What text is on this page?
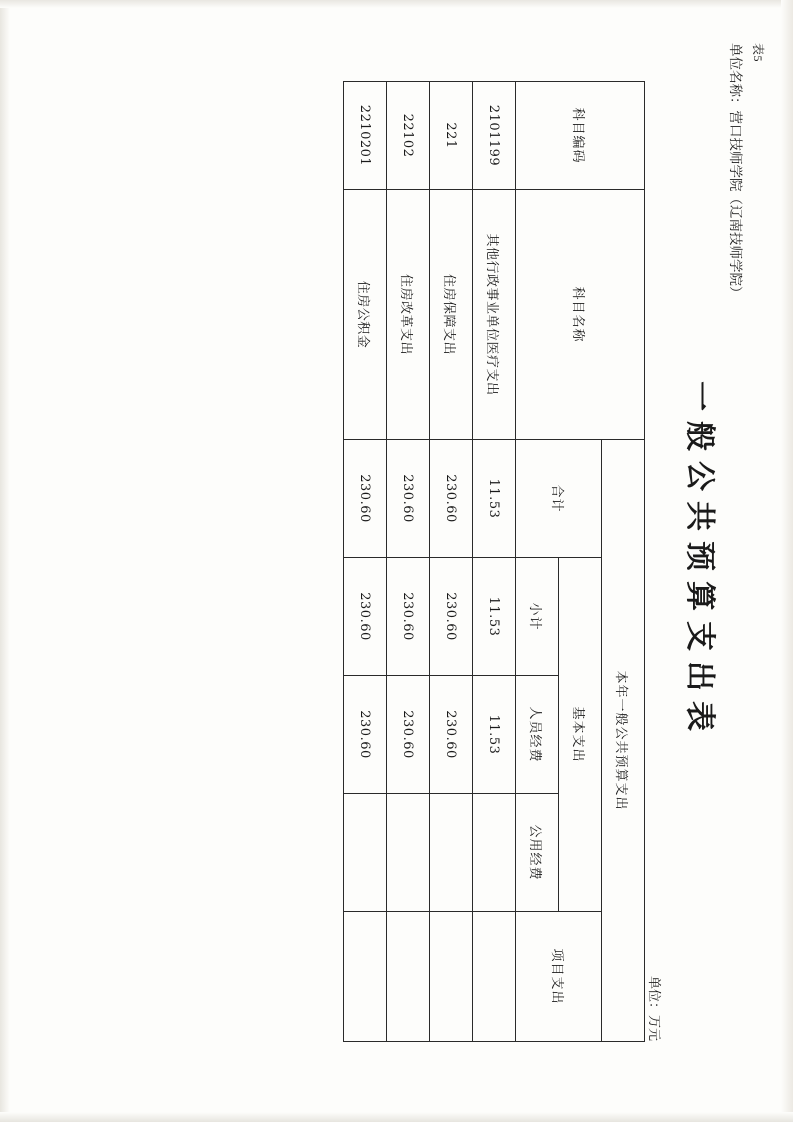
表5
单位名称：营口技师学院（辽南技师学院）
一般公共预算支出表
单位：万元
科目编码	科目名称	本年一般公共预算支出				
		合计	基本支出			项目支出
			小计	人员经费	公用经费	
2101199	其他行政事业单位医疗支出	11.53	11.53	11.53		
221	住房保障支出	230.60	230.60	230.60		
22102	住房改革支出	230.60	230.60	230.60		
2210201	住房公积金	230.60	230.60	230.60		
